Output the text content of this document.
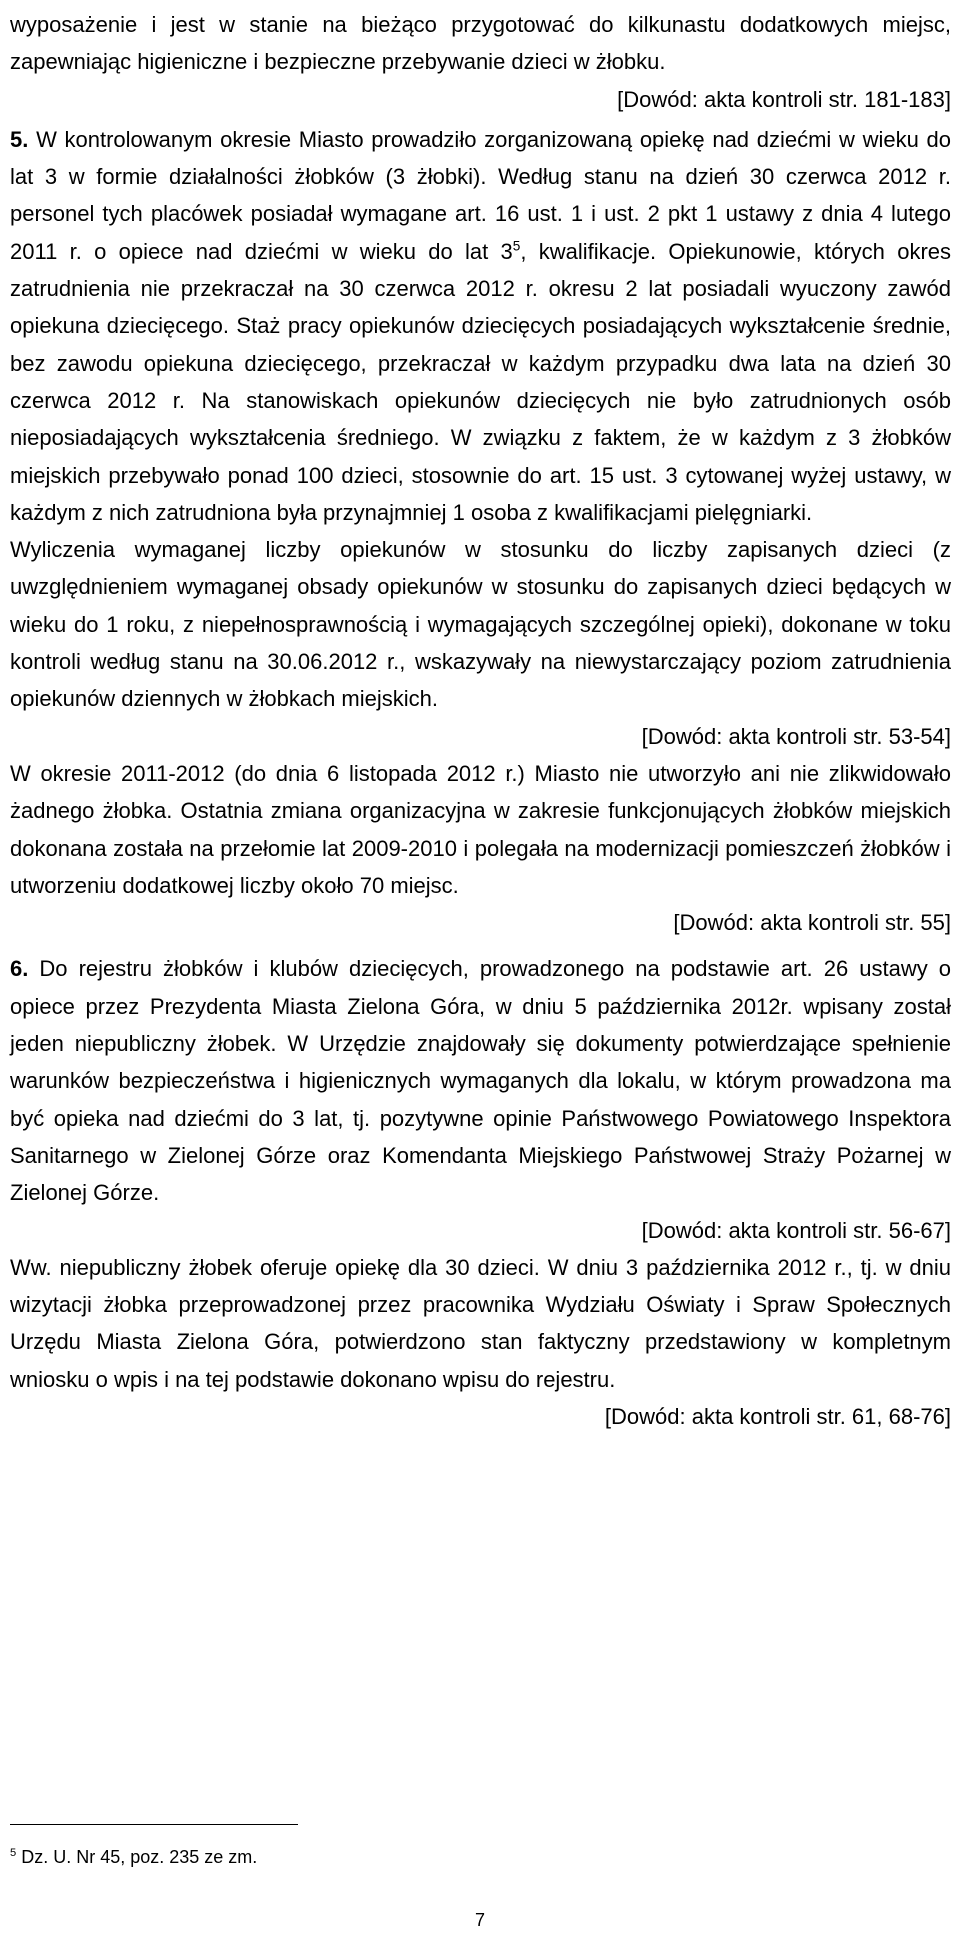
wyposażenie i jest w stanie na bieżąco przygotować do kilkunastu dodatkowych miejsc, zapewniając higieniczne i bezpieczne przebywanie dzieci w żłobku.

[Dowód: akta kontroli str. 181-183]

5. W kontrolowanym okresie Miasto prowadziło zorganizowaną opiekę nad dziećmi w wieku do lat 3 w formie działalności żłobków (3 żłobki). Według stanu na dzień 30 czerwca 2012 r. personel tych placówek posiadał wymagane art. 16 ust. 1 i ust. 2 pkt 1 ustawy z dnia 4 lutego 2011 r. o opiece nad dziećmi w wieku do lat $3^5$, kwalifikacje. Opiekunowie, których okres zatrudnienia nie przekraczał na 30 czerwca 2012 r. okresu 2 lat posiadali wyuczony zawód opiekuna dziecięcego. Staż pracy opiekunów dziecięcych posiadających wykształcenie średnie, bez zawodu opiekuna dziecięcego, przekraczał w każdym przypadku dwa lata na dzień 30 czerwca 2012 r. Na stanowiskach opiekunów dziecięcych nie było zatrudnionych osób nieposiadających wykształcenia średniego. W związku z faktem, że w każdym z 3 żłobków miejskich przebywało ponad 100 dzieci, stosownie do art. 15 ust. 3 cytowanej wyżej ustawy, w każdym z nich zatrudniona była przynajmniej 1 osoba z kwalifikacjami pielęgniarki.

Wyliczenia wymaganej liczby opiekunów w stosunku do liczby zapisanych dzieci (z uwzględnieniem wymaganej obsady opiekunów w stosunku do zapisanych dzieci będących w wieku do 1 roku, z niepełnosprawnością i wymagających szczególnej opieki), dokonane w toku kontroli według stanu na 30.06.2012 r., wskazywały na niewystarczający poziom zatrudnienia opiekunów dziennych w żłobkach miejskich.

[Dowód: akta kontroli str. 53-54]

W okresie 2011-2012 (do dnia 6 listopada 2012 r.) Miasto nie utworzyło ani nie zlikwidowało żadnego żłobka. Ostatnia zmiana organizacyjna w zakresie funkcjonujących żłobków miejskich dokonana została na przełomie lat 2009-2010 i polegała na modernizacji pomieszczeń żłobków i utworzeniu dodatkowej liczby około 70 miejsc.

[Dowód: akta kontroli str. 55]

6. Do rejestru żłobków i klubów dziecięcych, prowadzonego na podstawie art. 26 ustawy o opiece przez Prezydenta Miasta Zielona Góra, w dniu 5 października 2012r. wpisany został jeden niepubliczny żłobek. W Urzędzie znajdowały się dokumenty potwierdzające spełnienie warunków bezpieczeństwa i higienicznych wymaganych dla lokalu, w którym prowadzona ma być opieka nad dziećmi do 3 lat, tj. pozytywne opinie Państwowego Powiatowego Inspektora Sanitarnego w Zielonej Górze oraz Komendanta Miejskiego Państwowej Straży Pożarnej w Zielonej Górze.

[Dowód: akta kontroli str. 56-67]

Ww. niepubliczny żłobek oferuje opiekę dla 30 dzieci. W dniu 3 października 2012 r., tj. w dniu wizytacji żłobka przeprowadzonej przez pracownika Wydziału Oświaty i Spraw Społecznych Urzędu Miasta Zielona Góra, potwierdzono stan faktyczny przedstawiony w kompletnym wniosku o wpis i na tej podstawie dokonano wpisu do rejestru.

[Dowód: akta kontroli str. 61, 68-76]

$^5$ Dz. U. Nr 45, poz. 235 ze zm.
7
